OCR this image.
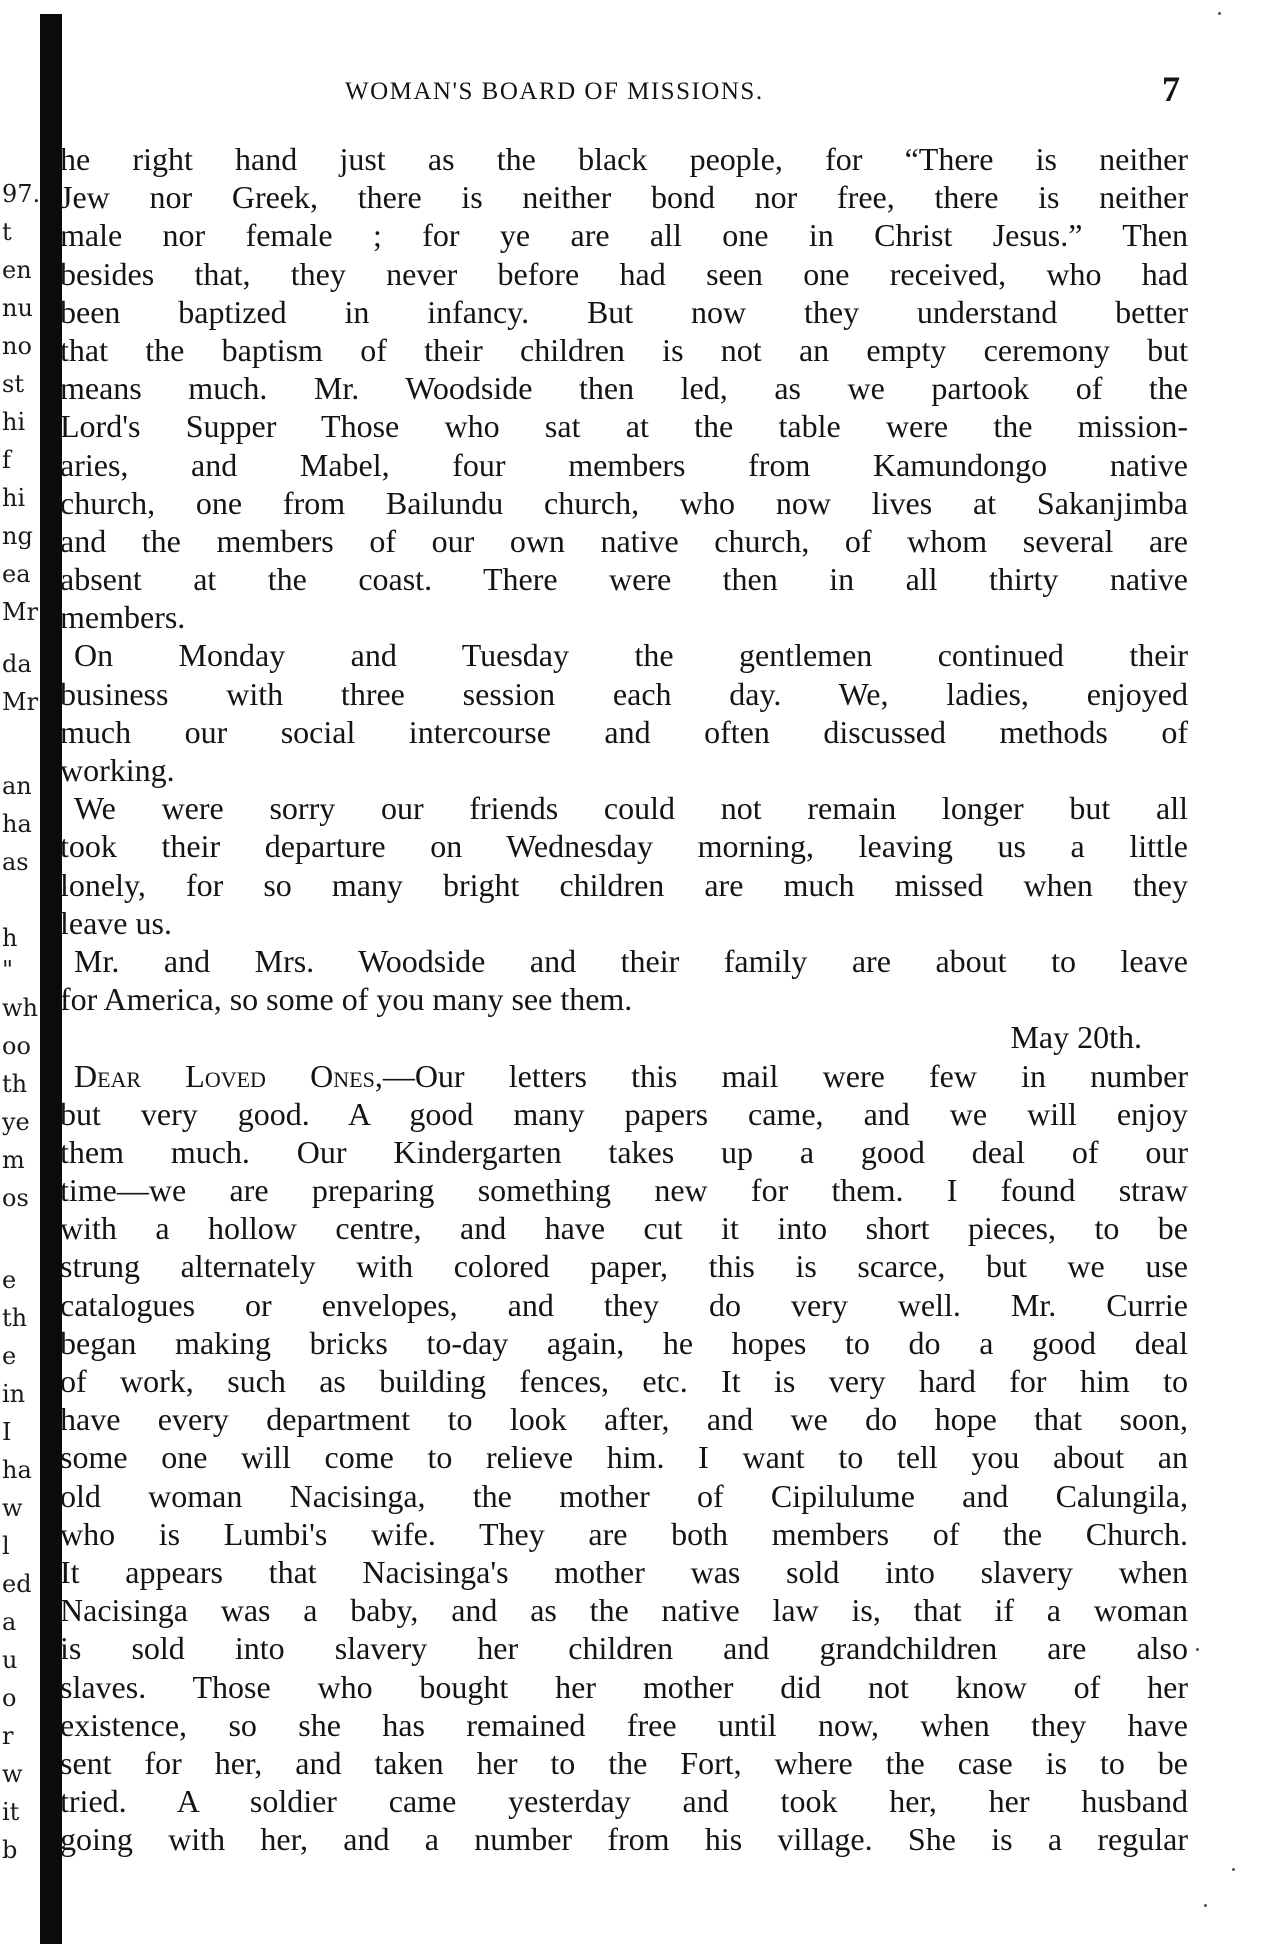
97.
t
en
nu
no
st
hi
f
hi
ng
ea
Mr
da
Mr
an
ha
as
h
"
wh
oo
th
ye
m
os
e
th
e
in
I
ha
w
l
ed
a
u
o
r
w
it
b
WOMAN'S BOARD OF MISSIONS.	7
he right hand just as the black people, for “There is neither
Jew nor Greek, there is neither bond nor free, there is neither
male nor female ; for ye are all one in Christ Jesus.” Then
besides that, they never before had seen one received, who had
been baptized in infancy. But now they understand better
that the baptism of their children is not an empty ceremony but
means much. Mr. Woodside then led, as we partook of the
Lord's Supper Those who sat at the table were the mission-
aries, and Mabel, four members from Kamundongo native
church, one from Bailundu church, who now lives at Sakanjimba
and the members of our own native church, of whom several are
absent at the coast. There were then in all thirty native
members.
On Monday and Tuesday the gentlemen continued their
business with three session each day. We, ladies, enjoyed
much our social intercourse and often discussed methods of
working.
We were sorry our friends could not remain longer but all
took their departure on Wednesday morning, leaving us a little
lonely, for so many bright children are much missed when they
leave us.
Mr. and Mrs. Woodside and their family are about to leave
for America, so some of you many see them.
May 20th.
Dear Loved Ones,—Our letters this mail were few in number
but very good. A good many papers came, and we will enjoy
them much. Our Kindergarten takes up a good deal of our
time—we are preparing something new for them. I found straw
with a hollow centre, and have cut it into short pieces, to be
strung alternately with colored paper, this is scarce, but we use
catalogues or envelopes, and they do very well. Mr. Currie
began making bricks to-day again, he hopes to do a good deal
of work, such as building fences, etc. It is very hard for him to
have every department to look after, and we do hope that soon,
some one will come to relieve him. I want to tell you about an
old woman Nacisinga, the mother of Cipilulume and Calungila,
who is Lumbi's wife. They are both members of the Church.
It appears that Nacisinga's mother was sold into slavery when
Nacisinga was a baby, and as the native law is, that if a woman
is sold into slavery her children and grandchildren are also
slaves. Those who bought her mother did not know of her
existence, so she has remained free until now, when they have
sent for her, and taken her to the Fort, where the case is to be
tried. A soldier came yesterday and took her, her husband
going with her, and a number from his village. She is a regular
